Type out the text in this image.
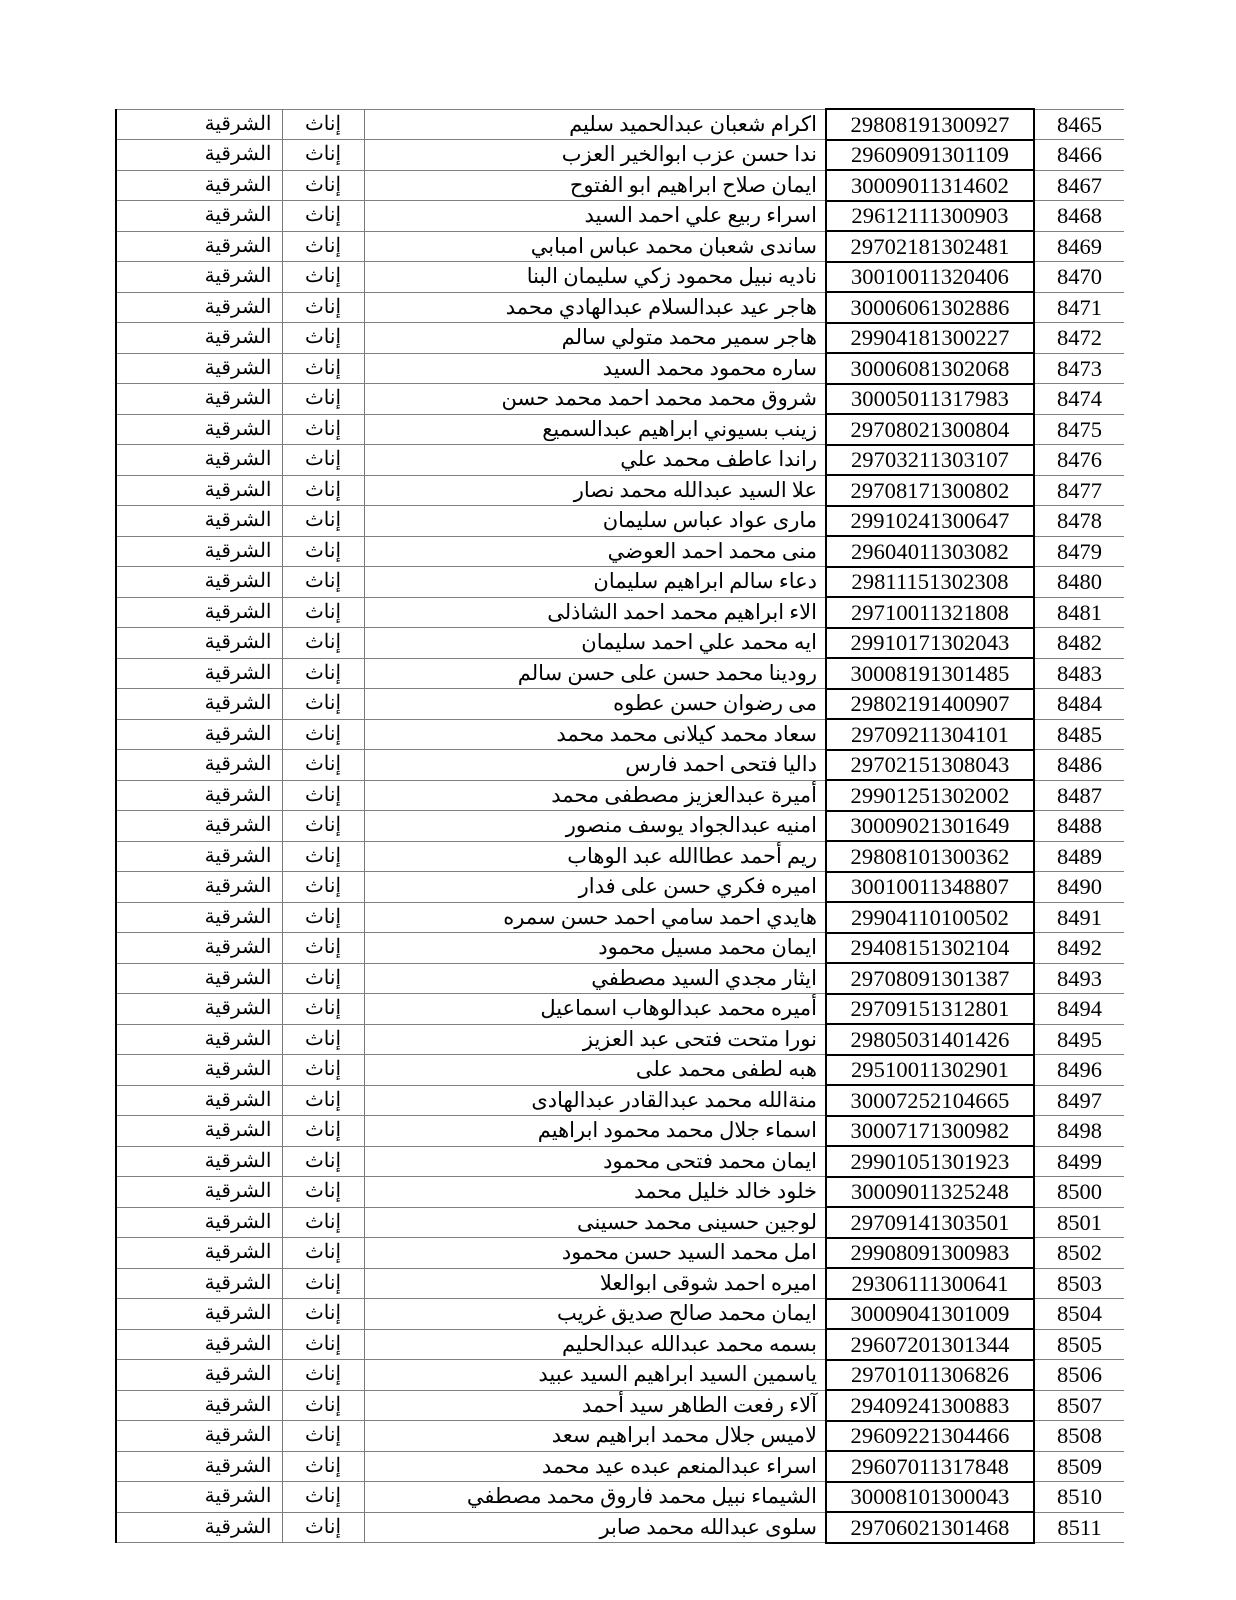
8465	29808191300927	اكرام شعبان عبدالحميد سليم	إناث	الشرقية
8466	29609091301109	ندا حسن عزب ابوالخير العزب	إناث	الشرقية
8467	30009011314602	ايمان صلاح ابراهيم ابو الفتوح	إناث	الشرقية
8468	29612111300903	اسراء ربيع علي احمد السيد	إناث	الشرقية
8469	29702181302481	ساندى شعبان محمد عباس امبابي	إناث	الشرقية
8470	30010011320406	ناديه نبيل محمود زكي سليمان البنا	إناث	الشرقية
8471	30006061302886	هاجر عيد عبدالسلام عبدالهادي محمد	إناث	الشرقية
8472	29904181300227	هاجر سمير محمد متولي سالم	إناث	الشرقية
8473	30006081302068	ساره محمود محمد السيد	إناث	الشرقية
8474	30005011317983	شروق محمد محمد احمد محمد حسن	إناث	الشرقية
8475	29708021300804	زينب بسيوني ابراهيم عبدالسميع	إناث	الشرقية
8476	29703211303107	راندا عاطف محمد علي	إناث	الشرقية
8477	29708171300802	علا السيد عبدالله محمد نصار	إناث	الشرقية
8478	29910241300647	مارى عواد عباس سليمان	إناث	الشرقية
8479	29604011303082	منى محمد احمد العوضي	إناث	الشرقية
8480	29811151302308	دعاء سالم ابراهيم سليمان	إناث	الشرقية
8481	29710011321808	الاء ابراهيم محمد احمد الشاذلى	إناث	الشرقية
8482	29910171302043	ايه محمد علي احمد سليمان	إناث	الشرقية
8483	30008191301485	رودينا محمد حسن على حسن سالم	إناث	الشرقية
8484	29802191400907	مى رضوان حسن عطوه	إناث	الشرقية
8485	29709211304101	سعاد محمد كيلانى محمد محمد	إناث	الشرقية
8486	29702151308043	داليا فتحى احمد فارس	إناث	الشرقية
8487	29901251302002	أميرة عبدالعزيز مصطفى محمد	إناث	الشرقية
8488	30009021301649	امنيه عبدالجواد يوسف منصور	إناث	الشرقية
8489	29808101300362	ريم أحمد عطاالله عبد الوهاب	إناث	الشرقية
8490	30010011348807	اميره فكري حسن على فدار	إناث	الشرقية
8491	29904110100502	هايدي احمد سامي احمد حسن سمره	إناث	الشرقية
8492	29408151302104	ايمان محمد مسيل محمود	إناث	الشرقية
8493	29708091301387	ايثار مجدي السيد مصطفي	إناث	الشرقية
8494	29709151312801	أميره محمد عبدالوهاب اسماعيل	إناث	الشرقية
8495	29805031401426	نورا متحت فتحى عبد العزيز	إناث	الشرقية
8496	29510011302901	هبه لطفى محمد على	إناث	الشرقية
8497	30007252104665	منةالله محمد عبدالقادر عبدالهادى	إناث	الشرقية
8498	30007171300982	اسماء جلال محمد محمود ابراهيم	إناث	الشرقية
8499	29901051301923	ايمان محمد فتحى محمود	إناث	الشرقية
8500	30009011325248	خلود خالد خليل محمد	إناث	الشرقية
8501	29709141303501	لوجين حسينى محمد حسينى	إناث	الشرقية
8502	29908091300983	امل محمد السيد حسن محمود	إناث	الشرقية
8503	29306111300641	اميره احمد شوقى ابوالعلا	إناث	الشرقية
8504	30009041301009	ايمان محمد صالح صديق غريب	إناث	الشرقية
8505	29607201301344	بسمه محمد عبدالله عبدالحليم	إناث	الشرقية
8506	29701011306826	ياسمين السيد ابراهيم السيد عبيد	إناث	الشرقية
8507	29409241300883	آلاء رفعت الطاهر سيد أحمد	إناث	الشرقية
8508	29609221304466	لاميس جلال محمد ابراهيم سعد	إناث	الشرقية
8509	29607011317848	اسراء عبدالمنعم عبده عيد محمد	إناث	الشرقية
8510	30008101300043	الشيماء نبيل محمد فاروق محمد مصطفي	إناث	الشرقية
8511	29706021301468	سلوى عبدالله محمد صابر	إناث	الشرقية
